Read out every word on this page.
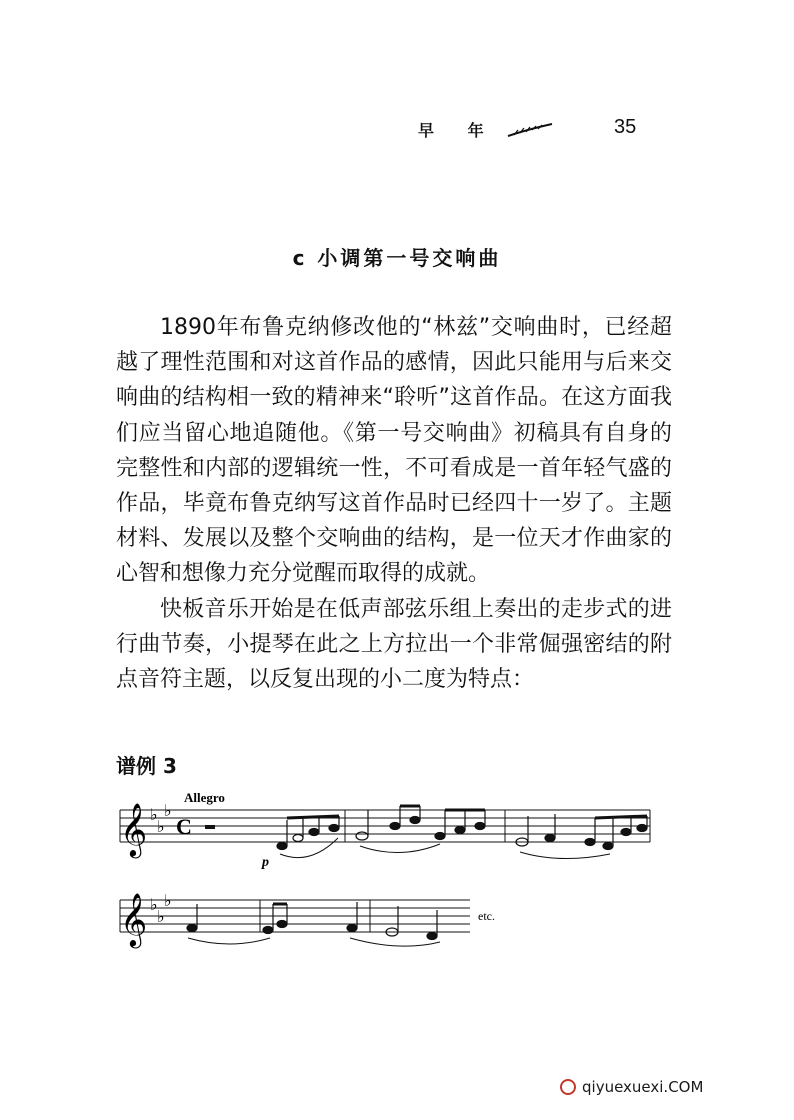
早 年	35
c 小调第一号交响曲

1890年布鲁克纳修改他的“林兹”交响曲时，已经超越了理性范围和对这首作品的感情，因此只能用与后来交响曲的结构相一致的精神来“聆听”这首作品。在这方面我们应当留心地追随他。《第一号交响曲》初稿具有自身的完整性和内部的逻辑统一性，不可看成是一首年轻气盛的作品，毕竟布鲁克纳写这首作品时已经四十一岁了。主题材料、发展以及整个交响曲的结构，是一位天才作曲家的心智和想像力充分觉醒而取得的成就。

快板音乐开始是在低声部弦乐组上奏出的走步式的进行曲节奏，小提琴在此之上方拉出一个非常倔强密结的附点音符主题，以反复出现的小二度为特点：

谱例 3
𝄞 ♭
♭
♭
C
Allegro
p
𝄞 ♭
♭
♭
etc.
qiyuexuexi.COM
